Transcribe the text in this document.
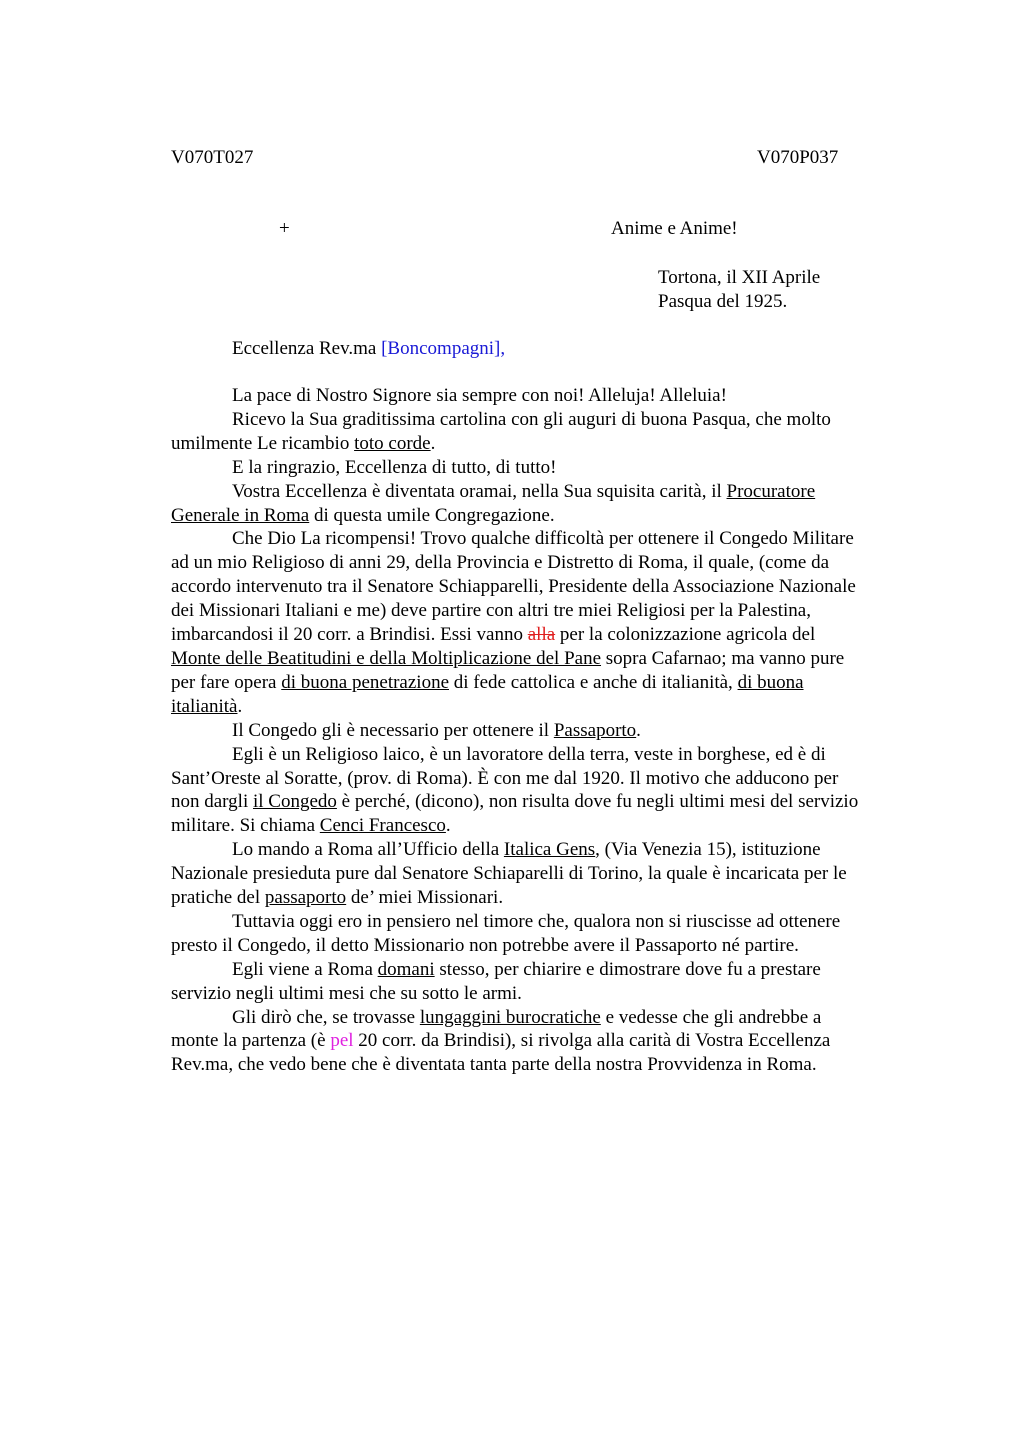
V070T027	V070P037
+	Anime e Anime!
Tortona, il XII Aprile
Pasqua del 1925.
Eccellenza Rev.ma [Boncompagni],

La pace di Nostro Signore sia sempre con noi! Alleluja! Alleluia!

Ricevo la Sua graditissima cartolina con gli auguri di buona Pasqua, che molto
umilmente Le ricambio toto corde.

E la ringrazio, Eccellenza di tutto, di tutto!

Vostra Eccellenza è diventata oramai, nella Sua squisita carità, il Procuratore
Generale in Roma di questa umile Congregazione.

Che Dio La ricompensi! Trovo qualche difficoltà per ottenere il Congedo Militare
ad un mio Religioso di anni 29, della Provincia e Distretto di Roma, il quale, (come da
accordo intervenuto tra il Senatore Schiapparelli, Presidente della Associazione Nazionale
dei Missionari Italiani e me) deve partire con altri tre miei Religiosi per la Palestina,
imbarcandosi il 20 corr. a Brindisi. Essi vanno alla per la colonizzazione agricola del
Monte delle Beatitudini e della Moltiplicazione del Pane sopra Cafarnao; ma vanno pure
per fare opera di buona penetrazione di fede cattolica e anche di italianità, di buona
italianità.

Il Congedo gli è necessario per ottenere il Passaporto.

Egli è un Religioso laico, è un lavoratore della terra, veste in borghese, ed è di
Sant’Oreste al Soratte, (prov. di Roma). È con me dal 1920. Il motivo che adducono per
non dargli il Congedo è perché, (dicono), non risulta dove fu negli ultimi mesi del servizio
militare. Si chiama Cenci Francesco.

Lo mando a Roma all’Ufficio della Italica Gens, (Via Venezia 15), istituzione
Nazionale presieduta pure dal Senatore Schiaparelli di Torino, la quale è incaricata per le
pratiche del passaporto de’ miei Missionari.

Tuttavia oggi ero in pensiero nel timore che, qualora non si riuscisse ad ottenere
presto il Congedo, il detto Missionario non potrebbe avere il Passaporto né partire.

Egli viene a Roma domani stesso, per chiarire e dimostrare dove fu a prestare
servizio negli ultimi mesi che su sotto le armi.

Gli dirò che, se trovasse lungaggini burocratiche e vedesse che gli andrebbe a
monte la partenza (è pel 20 corr. da Brindisi), si rivolga alla carità di Vostra Eccellenza
Rev.ma, che vedo bene che è diventata tanta parte della nostra Provvidenza in Roma.
